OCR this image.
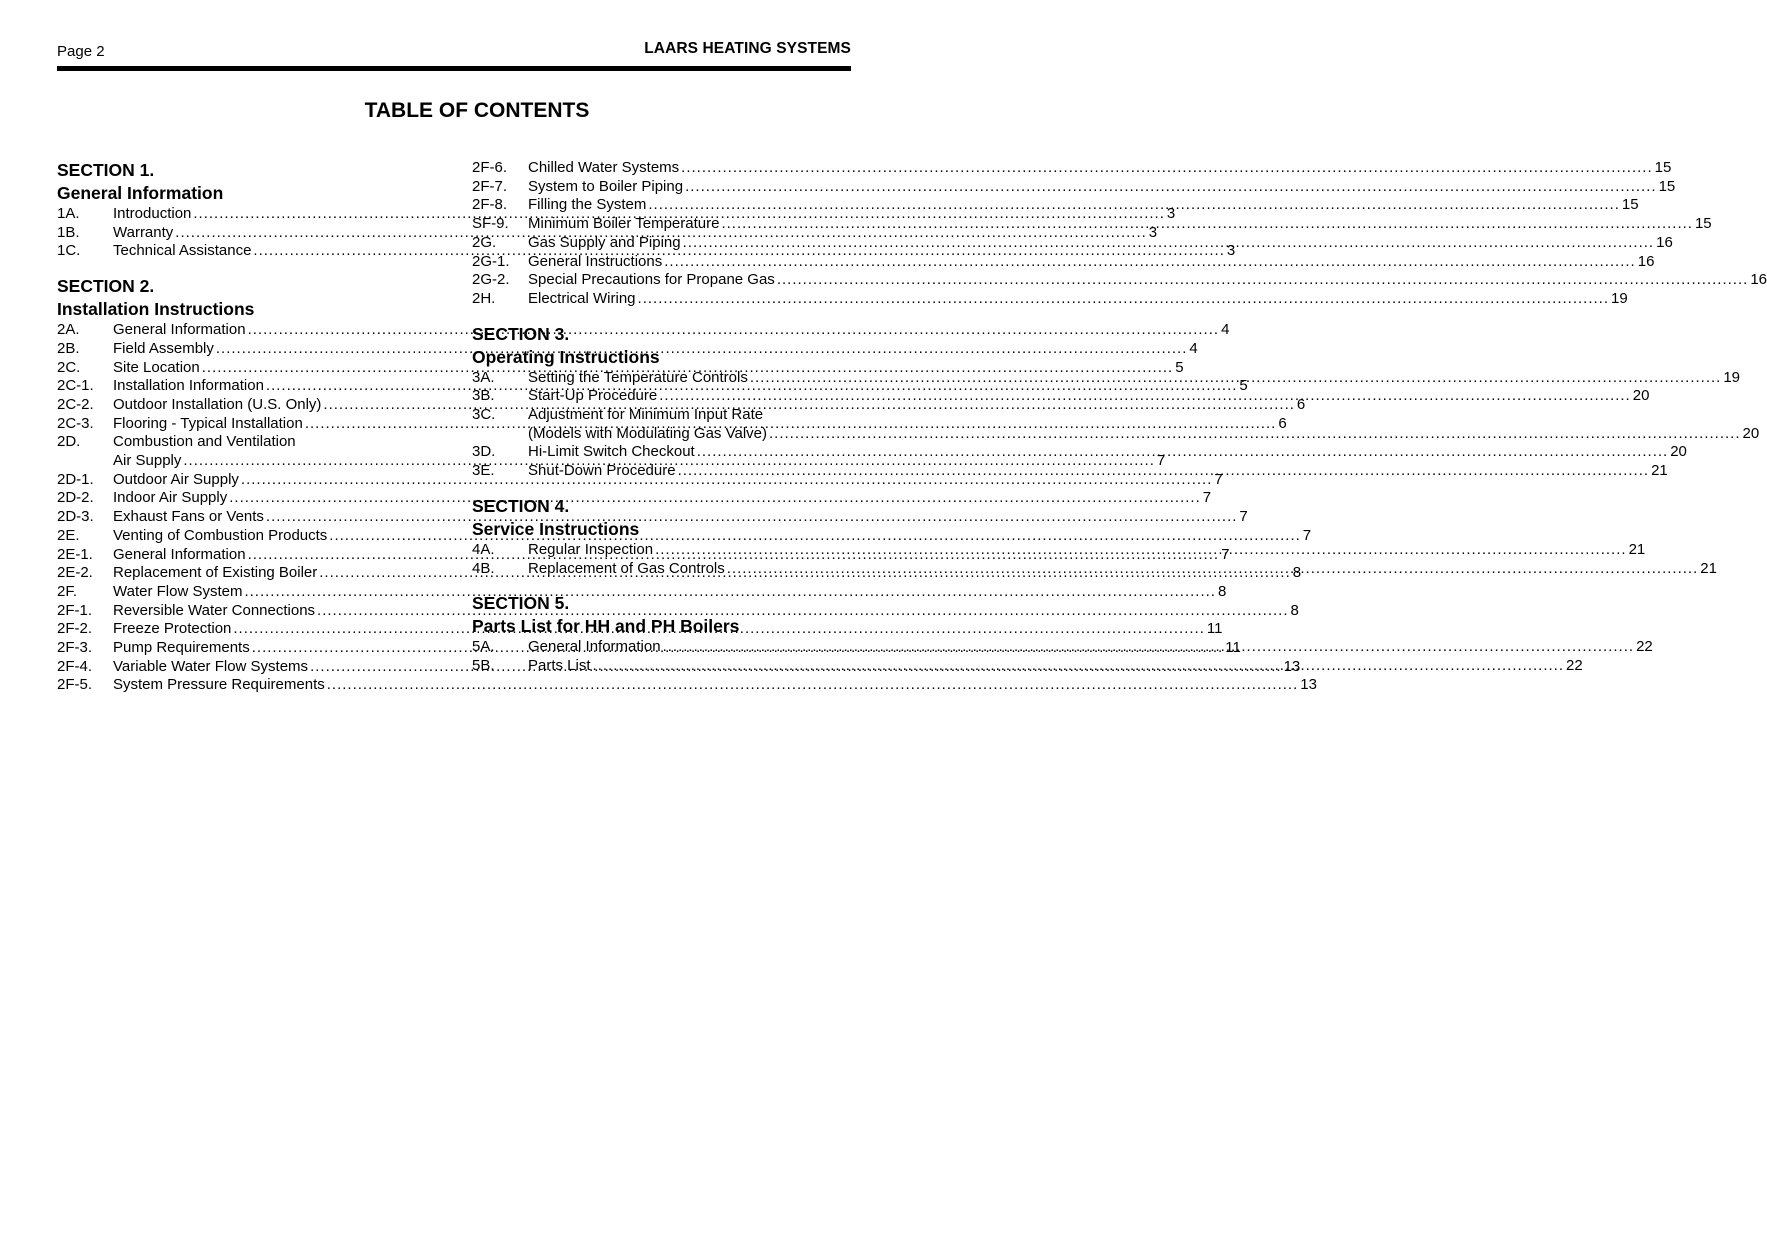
Page 2	LAARS HEATING SYSTEMS
TABLE OF CONTENTS
SECTION 1.
General Information
1A.	Introduction .....	3
1B.	Warranty .....	3
1C.	Technical Assistance .....	3
SECTION 2.
Installation Instructions
2A.	General Information .....	4
2B.	Field Assembly .....	4
2C.	Site Location .....	5
2C-1.	Installation Information .....	5
2C-2.	Outdoor Installation (U.S. Only) .....	6
2C-3.	Flooring - Typical Installation .....	6
2D.	Combustion and Ventilation
Air Supply .....	7
2D-1.	Outdoor Air Supply .....	7
2D-2.	Indoor Air Supply .....	7
2D-3.	Exhaust Fans or Vents .....	7
2E.	Venting of Combustion Products .....	7
2E-1.	General Information .....	7
2E-2.	Replacement of Existing Boiler .....	8
2F.	Water Flow System .....	8
2F-1.	Reversible Water Connections .....	8
2F-2.	Freeze Protection .....	11
2F-3.	Pump Requirements .....	11
2F-4.	Variable Water Flow Systems .....	13
2F-5.	System Pressure Requirements .....	13
2F-6.	Chilled Water Systems .....	15
2F-7.	System to Boiler Piping .....	15
2F-8.	Filling the System .....	15
SF-9.	Minimum Boiler Temperature .....	15
2G.	Gas Supply and Piping .....	16
2G-1.	General Instructions .....	16
2G-2.	Special Precautions for Propane Gas .....	16
2H.	Electrical Wiring .....	19
SECTION 3.
Operating Instructions
3A.	Setting the Temperature Controls .....	19
3B.	Start-Up Procedure .....	20
3C.	Adjustment for Minimum Input Rate
(Models with Modulating Gas Valve) .....	20
3D.	Hi-Limit Switch Checkout .....	20
3E.	Shut-Down Procedure .....	21
SECTION 4.
Service Instructions
4A.	Regular Inspection .....	21
4B.	Replacement of Gas Controls .....	21
SECTION 5.
Parts List for HH and PH Boilers
5A.	General Information .....	22
5B.	Parts List .....	22
